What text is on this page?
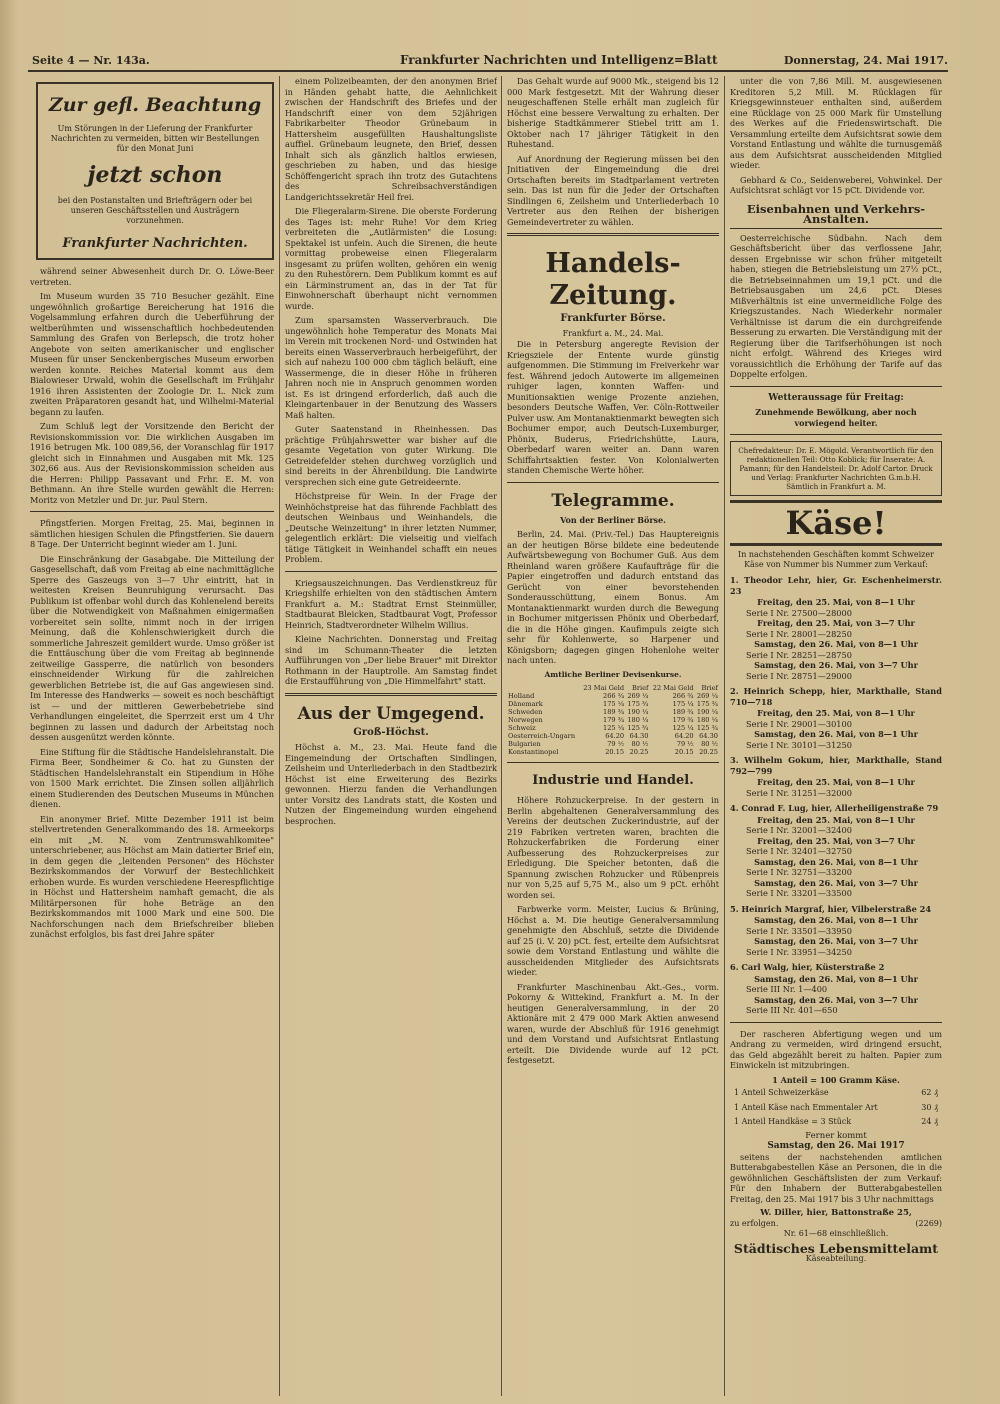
Seite 4 — Nr. 143a.	Frankfurter Nachrichten und Intelligenz=Blatt	Donnerstag, 24. Mai 1917.
Zur gefl. Beachtung
Um Störungen in der Lieferung der Frankfurter Nachrichten zu vermeiden, bitten wir Bestellungen für den Monat Juni
jetzt schon
bei den Postanstalten und Briefträgern oder bei unseren Geschäftsstellen und Austrägern vorzunehmen.
Frankfurter Nachrichten.

während seiner Abwesenheit durch Dr. O. Löwe-Beer vertreten.

Im Museum wurden 35 710 Besucher gezählt. Eine ungewöhnlich großartige Bereicherung hat 1916 die Vogelsammlung erfahren durch die Ueberführung der weltberühmten und wissenschaftlich hochbedeutenden Sammlung des Grafen von Berlepsch, die trotz hoher Angebote von seiten amerikanischer und englischer Museen für unser Senckenbergisches Museum erworben werden konnte. Reiches Material kommt aus dem Bialowieser Urwald, wohin die Gesellschaft im Frühjahr 1916 ihren Assistenten der Zoologie Dr. L. Nick zum zweiten Präparatoren gesandt hat, und Wilhelmi-Material begann zu laufen.

Zum Schluß legt der Vorsitzende den Bericht der Revisionskommission vor. Die wirklichen Ausgaben im 1916 betrugen Mk. 100 089,56, der Voranschlag für 1917 gleicht sich in Einnahmen und Ausgaben mit Mk. 125 302,66 aus. Aus der Revisionskommission scheiden aus die Herren: Philipp Passavant und Frhr. E. M. von Bethmann. An ihre Stelle wurden gewählt die Herren: Moritz von Metzler und Dr. jur. Paul Stern.

Pfingstferien. Morgen Freitag, 25. Mai, beginnen in sämtlichen hiesigen Schulen die Pfingstferien. Sie dauern 8 Tage. Der Unterricht beginnt wieder am 1. Juni.

Die Einschränkung der Gasabgabe. Die Mitteilung der Gasgesellschaft, daß vom Freitag ab eine nachmittägliche Sperre des Gaszeugs von 3—7 Uhr eintritt, hat in weitesten Kreisen Beunruhigung verursacht. Das Publikum ist offenbar wohl durch das Kohlenelend bereits über die Notwendigkeit von Maßnahmen einigermaßen vorbereitet sein sollte, nimmt noch in der irrigen Meinung, daß die Kohlenschwierigkeit durch die sommerliche Jahreszeit gemildert wurde. Umso größer ist die Enttäuschung über die vom Freitag ab beginnende zeitweilige Gassperre, die natürlich von besonders einschneidender Wirkung für die zahlreichen gewerblichen Betriebe ist, die auf Gas angewiesen sind. Im Interesse des Handwerks — soweit es noch beschäftigt ist — und der mittleren Gewerbebetriebe sind Verhandlungen eingeleitet, die Sperrzeit erst um 4 Uhr beginnen zu lassen und dadurch der Arbeitstag noch dessen ausgenützt werden könnte.

Eine Stiftung für die Städtische Handelslehranstalt. Die Firma Beer, Sondheimer & Co. hat zu Gunsten der Städtischen Handelslehranstalt ein Stipendium in Höhe von 1500 Mark errichtet. Die Zinsen sollen alljährlich einem Studierenden des Deutschen Museums in München dienen.

Ein anonymer Brief. Mitte Dezember 1911 ist beim stellvertretenden Generalkommando des 18. Armeekorps ein mit „M. N. vom Zentrumswahlkomitee" unterschriebener, aus Höchst am Main datierter Brief ein, in dem gegen die „leitenden Personen" des Höchster Bezirkskommandos der Vorwurf der Bestechlichkeit erhoben wurde. Es wurden verschiedene Heerespflichtige in Höchst und Hattersheim namhaft gemacht, die als Militärpersonen für hohe Beträge an den Bezirkskommandos mit 1000 Mark und eine 500. Die Nachforschungen nach dem Briefschreiber blieben zunächst erfolglos, bis fast drei Jahre später

einem Polizeibeamten, der den anonymen Brief in Händen gehabt hatte, die Aehnlichkeit zwischen der Handschrift des Briefes und der Handschrift einer von dem 52jährigen Fabrikarbeiter Theodor Grünebaum in Hattersheim ausgefüllten Haushaltungsliste auffiel. Grünebaum leugnete, den Brief, dessen Inhalt sich als gänzlich haltlos erwiesen, geschrieben zu haben, und das hiesige Schöffengericht sprach ihn trotz des Gutachtens des Schreibsachverständigen Landgerichtssekretär Heil frei.

Die Fliegeralarm-Sirene. Die oberste Forderung des Tages ist: mehr Ruhe! Vor dem Krieg verbreiteten die „Autlärmisten" die Losung: Spektakel ist unfein. Auch die Sirenen, die heute vormittag probeweise einen Fliegeralarm insgesamt zu prüfen wollten, gehören ein wenig zu den Ruhestörern. Dem Publikum kommt es auf ein Lärminstrument an, das in der Tat für Einwohnerschaft überhaupt nicht vernommen wurde.

Zum sparsamsten Wasserverbrauch. Die ungewöhnlich hohe Temperatur des Monats Mai im Verein mit trockenen Nord- und Ostwinden hat bereits einen Wasserverbrauch herbeigeführt, der sich auf nahezu 100 000 cbm täglich beläuft, eine Wassermenge, die in dieser Höhe in früheren Jahren noch nie in Anspruch genommen worden ist. Es ist dringend erforderlich, daß auch die Kleingartenbauer in der Benutzung des Wassers Maß halten.

Guter Saatenstand in Rheinhessen. Das prächtige Frühjahrswetter war bisher auf die gesamte Vegetation von guter Wirkung. Die Getreidefelder stehen durchweg vorzüglich und sind bereits in der Ährenbildung. Die Landwirte versprechen sich eine gute Getreideernte.

Höchstpreise für Wein. In der Frage der Weinhöchstpreise hat das führende Fachblatt des deutschen Weinbaus und Weinhandels, die „Deutsche Weinzeitung" in ihrer letzten Nummer, gelegentlich erklärt: Die vielseitig und vielfach tätige Tätigkeit in Weinhandel schafft ein neues Problem.

Kriegsauszeichnungen. Das Verdienstkreuz für Kriegshilfe erhielten von den städtischen Ämtern Frankfurt a. M.: Stadtrat Ernst Steinmüller, Stadtbaurat Bleicken, Stadtbaurat Vogt, Professor Heinrich, Stadtverordneter Wilhelm Willius.

Kleine Nachrichten. Donnerstag und Freitag sind im Schumann-Theater die letzten Aufführungen von „Der liebe Brauer" mit Direktor Rothmann in der Hauptrolle. Am Samstag findet die Erstaufführung von „Die Himmelfahrt" statt.

Aus der Umgegend.
Groß-Höchst.

Höchst a. M., 23. Mai. Heute fand die Eingemeindung der Ortschaften Sindlingen, Zeilsheim und Unterliederbach in den Stadtbezirk Höchst ist eine Erweiterung des Bezirks gewonnen. Hierzu fanden die Verhandlungen unter Vorsitz des Landrats statt, die Kosten und Nutzen der Eingemeindung wurden eingehend besprochen.

Das Gehalt wurde auf 9000 Mk., steigend bis 12 000 Mark festgesetzt. Mit der Wahrung dieser neugeschaffenen Stelle erhält man zugleich für Höchst eine bessere Verwaltung zu erhalten. Der bisherige Stadtkämmerer Stiebel tritt am 1. Oktober nach 17 jähriger Tätigkeit in den Ruhestand.

Auf Anordnung der Regierung müssen bei den Jnitiativen der Eingemeindung die drei Ortschaften bereits im Stadtparlament vertreten sein. Das ist nun für die Jeder der Ortschaften Sindlingen 6, Zeilsheim und Unterliederbach 10 Vertreter aus den Reihen der bisherigen Gemeindevertreter zu wählen.

Handels-Zeitung.
Frankfurter Börse.
Frankfurt a. M., 24. Mai.

Die in Petersburg angeregte Revision der Kriegsziele der Entente wurde günstig aufgenommen. Die Stimmung im Freiverkehr war fest. Während jedoch Autowerte im allgemeinen ruhiger lagen, konnten Waffen- und Munitionsaktien wenige Prozente anziehen, besonders Deutsche Waffen, Ver. Cöln-Rottweiler Pulver usw. Am Montanaktienmarkt bewegten sich Bochumer empor, auch Deutsch-Luxemburger, Phönix, Buderus, Friedrichshütte, Laura, Oberbedarf waren weiter an. Dann waren Schiffahrtsaktien fester. Von Kolonialwerten standen Chemische Werte höher.

Telegramme.
Von der Berliner Börse.

Berlin, 24. Mai. (Priv.-Tel.) Das Hauptereignis an der heutigen Börse bildete eine bedeutende Aufwärtsbewegung von Bochumer Guß. Aus dem Rheinland waren größere Kaufaufträge für die Papier eingetroffen und dadurch entstand das Gerücht von einer bevorstehenden Sonderausschüttung, einem Bonus. Am Montanaktienmarkt wurden durch die Bewegung in Bochumer mitgerissen Phönix und Oberbedarf, die in die Höhe gingen. Kaufimpuls zeigte sich sehr für Kohlenwerte, so Harpener und Königsborn; dagegen gingen Hohenlohe weiter nach unten.

Amtliche Berliner Devisenkurse.
	23 Mai Geld	Brief	22 Mai Geld	Brief
Holland	266 ¾	269 ¼	266 ¾	269 ¼
Dänemark	175 ¼	175 ¾	175 ¼	175 ¾
Schweden	189 ¾	190 ¼	189 ¾	190 ¼
Norwegen	179 ¾	180 ¼	179 ¾	180 ¼
Schweiz	125 ¼	125 ¾	125 ¼	125 ¾
Oesterreich-Ungarn	64.20	64.30	64.20	64.30
Bulgarien	79 ½	80 ½	79 ½	80 ½
Konstantinopel	20.15	20.25	20.15	20.25
Industrie und Handel.

Höhere Rohzuckerpreise. In der gestern in Berlin abgehaltenen Generalversammlung des Vereins der deutschen Zuckerindustrie, auf der 219 Fabriken vertreten waren, brachten die Rohzuckerfabriken die Forderung einer Aufbesserung des Rohzuckerpreises zur Erledigung. Die Speicher betonten, daß die Spannung zwischen Rohzucker und Rübenpreis nur von 5,25 auf 5,75 M., also um 9 pCt. erhöht worden sei.

Farbwerke vorm. Meister, Lucius & Brüning, Höchst a. M. Die heutige Generalversammlung genehmigte den Abschluß, setzte die Dividende auf 25 (i. V. 20) pCt. fest, erteilte dem Aufsichtsrat sowie dem Vorstand Entlastung und wählte die ausscheidenden Mitglieder des Aufsichtsrats wieder.

Frankfurter Maschinenbau Akt.-Ges., vorm. Pokorny & Wittekind, Frankfurt a. M. In der heutigen Generalversammlung, in der 20 Aktionäre mit 2 479 000 Mark Aktien anwesend waren, wurde der Abschluß für 1916 genehmigt und dem Vorstand und Aufsichtsrat Entlastung erteilt. Die Dividende wurde auf 12 pCt. festgesetzt.

unter die von 7,86 Mill. M. ausgewiesenen Kreditoren 5,2 Mill. M. Rücklagen für Kriegsgewinnsteuer enthalten sind, außerdem eine Rücklage von 25 000 Mark für Umstellung des Werkes auf die Friedenswirtschaft. Die Versammlung erteilte dem Aufsichtsrat sowie dem Vorstand Entlastung und wählte die turnusgemäß aus dem Aufsichtsrat ausscheidenden Mitglied wieder.

Gebhard & Co., Seidenweberei, Vohwinkel. Der Aufsichtsrat schlägt vor 15 pCt. Dividende vor.

Eisenbahnen und Verkehrs-Anstalten.

Oesterreichische Südbahn. Nach dem Geschäftsbericht über das verflossene Jahr, dessen Ergebnisse wir schon früher mitgeteilt haben, stiegen die Betriebsleistung um 27½ pCt., die Betriebseinnahmen um 19,1 pCt. und die Betriebsausgaben um 24,6 pCt. Dieses Mißverhältnis ist eine unvermeidliche Folge des Kriegszustandes. Nach Wiederkehr normaler Verhältnisse ist darum die ein durchgreifende Besserung zu erwarten. Die Verständigung mit der Regierung über die Tarifserhöhungen ist noch nicht erfolgt. Während des Krieges wird voraussichtlich die Erhöhung der Tarife auf das Doppelte erfolgen.

Wetteraussage für Freitag:
Zunehmende Bewölkung, aber noch vorwiegend heiter.
Chefredakteur: Dr. E. Mögold. Verantwortlich für den redaktionellen Teil: Otto Koblick; für Inserate: A. Pamann; für den Handelsteil: Dr. Adolf Cartor. Druck und Verlag: Frankfurter Nachrichten G.m.b.H. Sämtlich in Frankfurt a. M.
Käse!
In nachstehenden Geschäften kommt Schweizer Käse von Nummer bis Nummer zum Verkauf:
1. Theodor Lehr, hier, Gr. Eschenheimerstr. 23
Freitag, den 25. Mai, von 8—1 Uhr
Serie I Nr. 27500—28000
Freitag, den 25. Mai, von 3—7 Uhr
Serie I Nr. 28001—28250
Samstag, den 26. Mai, von 8—1 Uhr
Serie I Nr. 28251—28750
Samstag, den 26. Mai, von 3—7 Uhr
Serie I Nr. 28751—29000
2. Heinrich Schepp, hier, Markthalle, Stand 710—718
Freitag, den 25. Mai, von 8—1 Uhr
Serie I Nr. 29001—30100
Samstag, den 26. Mai, von 8—1 Uhr
Serie I Nr. 30101—31250
3. Wilhelm Gokum, hier, Markthalle, Stand 792—799
Freitag, den 25. Mai, von 8—1 Uhr
Serie I Nr. 31251—32000
4. Conrad F. Lug, hier, Allerheiligenstraße 79
Freitag, den 25. Mai, von 8—1 Uhr
Serie I Nr. 32001—32400
Freitag, den 25. Mai, von 3—7 Uhr
Serie I Nr. 32401—32750
Samstag, den 26. Mai, von 8—1 Uhr
Serie I Nr. 32751—33200
Samstag, den 26. Mai, von 3—7 Uhr
Serie I Nr. 33201—33500
5. Heinrich Margraf, hier, Vilbelerstraße 24
Samstag, den 26. Mai, von 8—1 Uhr
Serie I Nr. 33501—33950
Samstag, den 26. Mai, von 3—7 Uhr
Serie I Nr. 33951—34250
6. Carl Walg, hier, Küsterstraße 2
Samstag, den 26. Mai, von 8—1 Uhr
Serie III Nr. 1—400
Samstag, den 26. Mai, von 3—7 Uhr
Serie III Nr. 401—650

Der rascheren Abfertigung wegen und um Andrang zu vermeiden, wird dringend ersucht, das Geld abgezählt bereit zu halten. Papier zum Einwickeln ist mitzubringen.

1 Anteil = 100 Gramm Käse.
1 Anteil Schweizerkäse	62 ₰
1 Anteil Käse nach Emmentaler Art	30 ₰
1 Anteil Handkäse = 3 Stück	24 ₰
Ferner kommt
Samstag, den 26. Mai 1917

seitens der nachstehenden amtlichen Butterabgabestellen Käse an Personen, die in die gewöhnlichen Geschäftslisten der zum Verkauf: Für den Inhabern der Butterabgabestellen Freitag, den 25. Mai 1917 bis 3 Uhr nachmittags

W. Diller, hier, Battonstraße 25,
zu erfolgen.	(2269)
Nr. 61—68 einschließlich.
Städtisches Lebensmittelamt
Käseabteilung.
